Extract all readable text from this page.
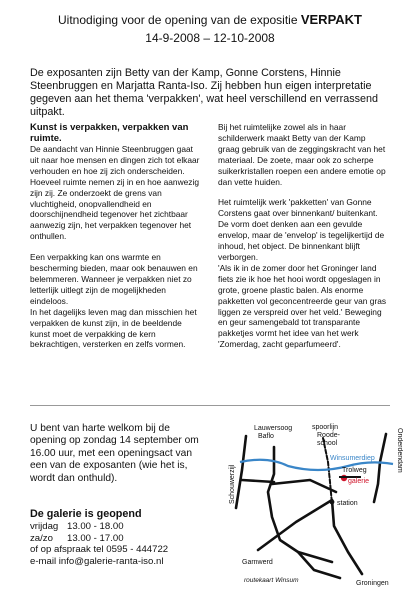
Uitnodiging voor de opening van de expositie VERPAKT
14-9-2008 – 12-10-2008

De exposanten zijn Betty van der Kamp, Gonne Corstens, Hinnie Steenbruggen en Marjatta Ranta-Iso. Zij hebben hun eigen interpretatie gegeven aan het thema 'verpakken', wat heel verschillend en verrassend uitpakt.

Kunst is verpakken, verpakken van ruimte.

De aandacht van Hinnie Steenbruggen gaat uit naar hoe mensen en dingen zich tot elkaar verhouden en hoe zij zich onderscheiden. Hoeveel ruimte nemen zij in en hoe aanwezig zijn zij. Ze onderzoekt de grens van vluchtigheid, onopvallendheid en doorschijnendheid tegenover het zichtbaar aanwezig zijn, het verpakken tegenover het onthullen.

Een verpakking kan ons warmte en bescherming bieden, maar ook benauwen en belemmeren. Wanneer je verpakken niet zo letterlijk uitlegt zijn de mogelijkheden eindeloos.

In het dagelijks leven mag dan misschien het verpakken de kunst zijn, in de beeldende kunst moet de verpakking de kern bekrachtigen, versterken en zelfs vormen.

Bij het ruimtelijke zowel als in haar schilderwerk maakt Betty van der Kamp graag gebruik van de zeggingskracht van het materiaal. De zoete, maar ook zo scherpe suikerkristallen roepen een andere emotie op dan vette huiden.

Het ruimtelijk werk 'pakketten' van Gonne Corstens gaat over binnenkant/ buitenkant. De vorm doet denken aan een gevulde envelop, maar de 'envelop' is tegelijkertijd de inhoud, het object. De binnenkant blijft verborgen.

'Als ik in de zomer door het Groninger land fiets zie ik hoe het hooi wordt opgeslagen in grote, groene plastic balen. Als enorme pakketten vol geconcentreerde geur van gras liggen ze verspreid over het veld.' Beweging en geur samengebald tot transparante pakketjes vormt het idee van het werk 'Zomerdag, zacht geparfumeerd'.

U bent van harte welkom bij de opening op zondag 14 september om 16.00 uur, met een openingsact van een van de exposanten (wie het is, wordt dan onthuld).

De galerie is geopend
vrijdag 13.00 - 18.00
za/zo 13.00 - 17.00
of op afspraak tel 0595 - 444722
e-mail info@galerie-ranta-iso.nl
Lauwersoog
Baflo
spoorlijn
Roode-
school
Trolweg
galerie
station
Garnwerd
Groningen
routekaart Winsum
Winsumerdiep
Schouwerzijl
Onderdendam
